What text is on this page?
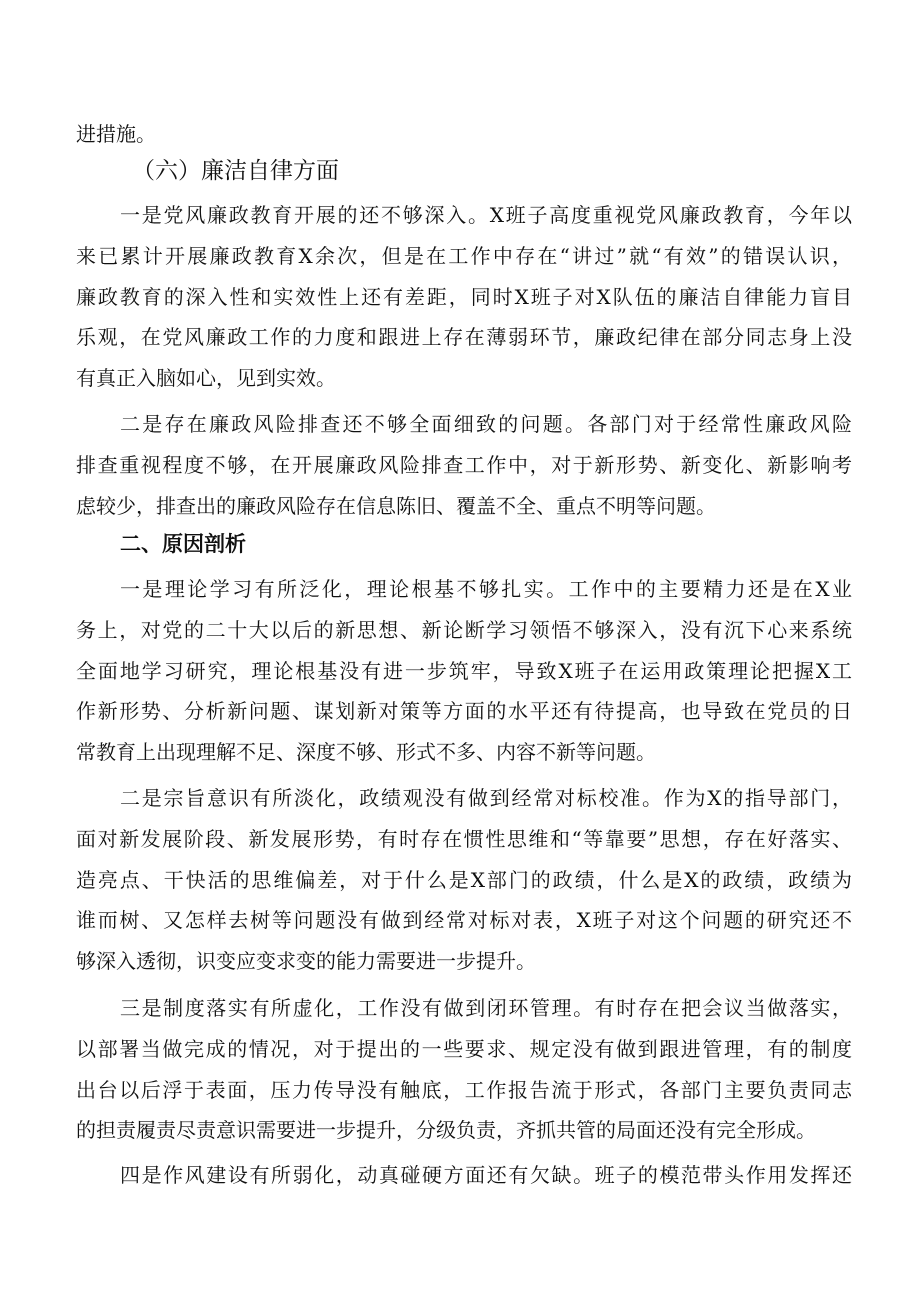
进措施。

（六）廉洁自律方面

一是党风廉政教育开展的还不够深入。X班子高度重视党风廉政教育，今年以
来已累计开展廉政教育X余次，但是在工作中存在“讲过”就“有效”的错误认识，
廉政教育的深入性和实效性上还有差距，同时X班子对X队伍的廉洁自律能力盲目
乐观，在党风廉政工作的力度和跟进上存在薄弱环节，廉政纪律在部分同志身上没
有真正入脑如心，见到实效。

二是存在廉政风险排查还不够全面细致的问题。各部门对于经常性廉政风险
排查重视程度不够，在开展廉政风险排查工作中，对于新形势、新变化、新影响考
虑较少，排查出的廉政风险存在信息陈旧、覆盖不全、重点不明等问题。

二、原因剖析

一是理论学习有所泛化，理论根基不够扎实。工作中的主要精力还是在X业
务上，对党的二十大以后的新思想、新论断学习领悟不够深入，没有沉下心来系统
全面地学习研究，理论根基没有进一步筑牢，导致X班子在运用政策理论把握X工
作新形势、分析新问题、谋划新对策等方面的水平还有待提高，也导致在党员的日
常教育上出现理解不足、深度不够、形式不多、内容不新等问题。

二是宗旨意识有所淡化，政绩观没有做到经常对标校准。作为X的指导部门，
面对新发展阶段、新发展形势，有时存在惯性思维和“等靠要”思想，存在好落实、
造亮点、干快活的思维偏差，对于什么是X部门的政绩，什么是X的政绩，政绩为
谁而树、又怎样去树等问题没有做到经常对标对表，X班子对这个问题的研究还不
够深入透彻，识变应变求变的能力需要进一步提升。

三是制度落实有所虚化，工作没有做到闭环管理。有时存在把会议当做落实，
以部署当做完成的情况，对于提出的一些要求、规定没有做到跟进管理，有的制度
出台以后浮于表面，压力传导没有触底，工作报告流于形式，各部门主要负责同志
的担责履责尽责意识需要进一步提升，分级负责，齐抓共管的局面还没有完全形成。

四是作风建设有所弱化，动真碰硬方面还有欠缺。班子的模范带头作用发挥还
